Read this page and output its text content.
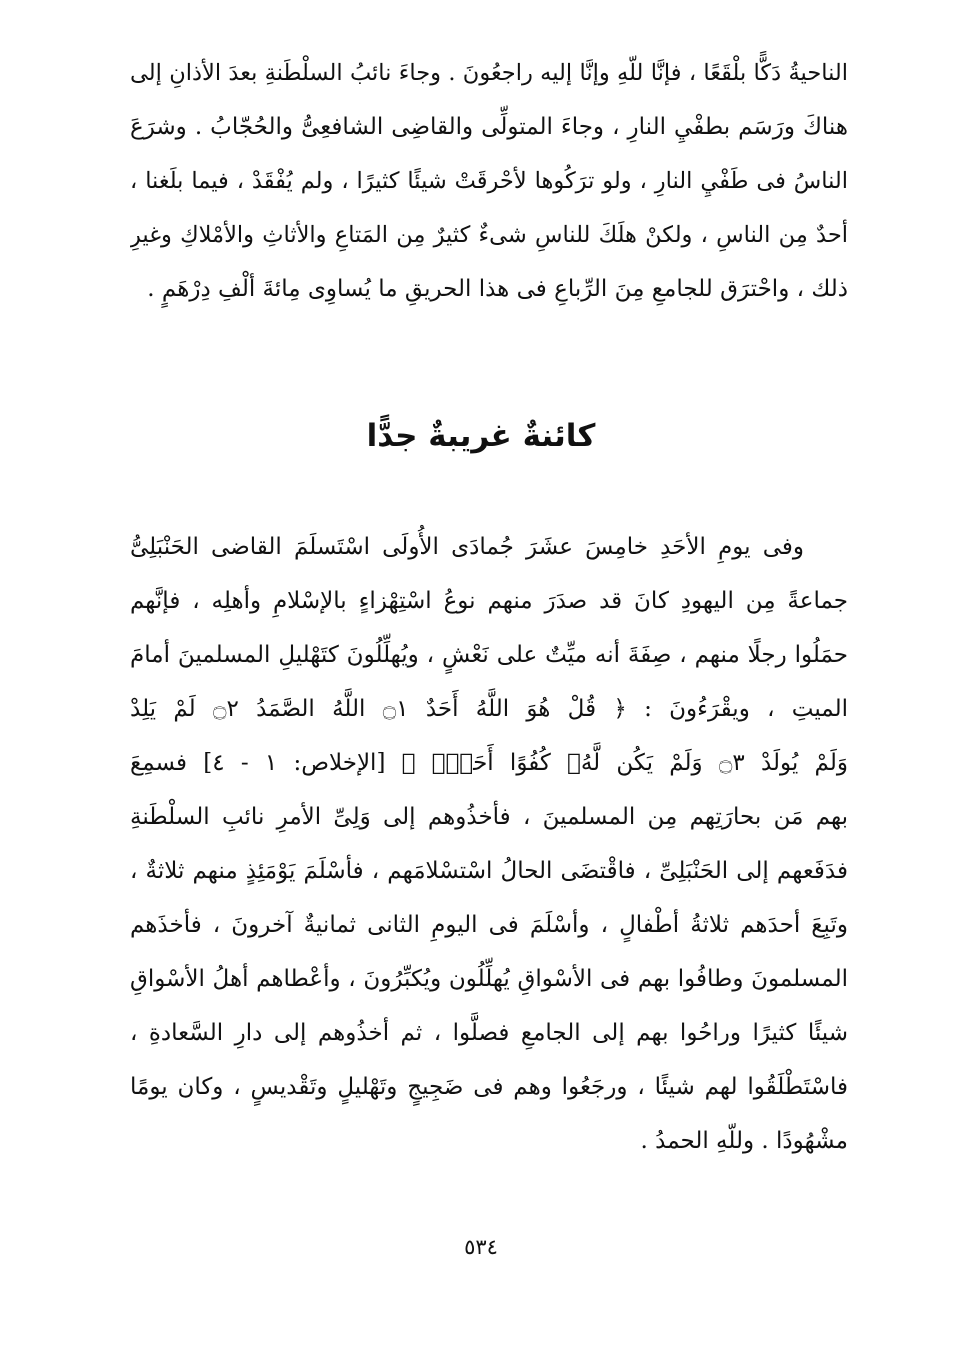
الناحيةُ دَكًّا بلْقَعًا ، فإنَّا للّهِ وإنَّا إليه راجعُونَ . وجاءَ نائبُ السلْطَنةِ بعدَ الأذانِ إلى
هناكَ ورَسَم بطفْيِ النارِ ، وجاءَ المتولِّى والقاضِى الشافعِىُّ والحُجّابُ . وشرَعَ
الناسُ فى طَفْيِ النارِ ، ولو ترَكُوها لأحْرقَتْ شيئًا كثيرًا ، ولم يُفْقَدْ ، فيما بلَغنا ،
أحدٌ مِن الناسِ ، ولكنْ هلَكَ للناسِ شىءٌ كثيرٌ مِن المَتاعِ والأثاثِ والأمْلاكِ وغيرِ
ذلك ، واحْترَق للجامعِ مِنَ الرِّباعِ فى هذا الحريقِ ما يُساوِى مِائةَ ألْفِ دِرْهَمٍ .
كائنةٌ غريبةٌ جدًّا
وفى يومِ الأحَدِ خامِسَ عشَرَ جُمادَى الأُولَى اسْتَسلَمَ القاضى الحَنْبَلِىُّ
جماعةً مِن اليهودِ كانَ قد صدَرَ منهم نوعُ اسْتِهْزاءٍ بالإسْلامِ وأهلِه ، فإنَّهم
حمَلُوا رجلًا منهم ، صِفَةَ أنه ميِّتٌ على نَعْشٍ ، ويُهلِّلُونَ كتَهْليلِ المسلمينَ أمامَ
الميتِ ، ويقْرَءُونَ : ﴿ قُلْ هُوَ اللَّهُ أَحَدٌ ۝١ اللَّهُ الصَّمَدُ ۝٢ لَمْ يَلِدْ
وَلَمْ يُولَدْ ۝٣ وَلَمْ يَكُن لَّهُۥ كُفُوًا أَحَدٌۢ ﴾ [الإخلاص: ١ - ٤] فسمِعَ
بهم مَن بحارَتِهم مِن المسلمينَ ، فأخذُوهم إلى وَلِىِّ الأمرِ نائبِ السلْطَنةِ
فدَفَعهم إلى الحَنْبَلِىِّ ، فاقْتضَى الحالُ اسْتسْلامَهم ، فأسْلَمَ يَوْمَئِذٍ منهم ثلاثةٌ ،
وتَبِعَ أحدَهم ثلاثةُ أطْفالٍ ، وأسْلَمَ فى اليومِ الثانى ثمانيةٌ آخرونَ ، فأخذَهم
المسلمونَ وطافُوا بهم فى الأسْواقِ يُهلِّلُون ويُكبِّرُونَ ، وأعْطاهم أهلُ الأسْواقِ
شيئًا كثيرًا وراحُوا بهم إلى الجامعِ فصلَّوا ، ثم أخذُوهم إلى دارِ السَّعادةِ ،
فاسْتَطْلَقُوا لهم شيئًا ، ورجَعُوا وهم فى ضَجِيجٍ وتَهْليلٍ وتَقْديسٍ ، وكان يومًا
مشْهُودًا . وللّهِ الحمدُ .
٥٣٤
